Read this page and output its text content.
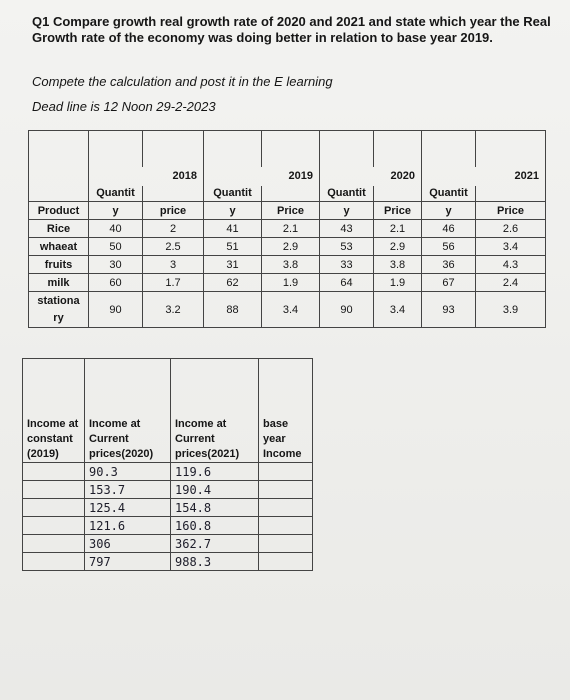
Q1 Compare growth real growth rate of 2020 and 2021 and state which year the Real Growth rate of the economy was doing better in relation to base year 2019.
Compete the calculation and post it in the E learning
Dead line is 12 Noon 29-2-2023

	2018		2019		2020		2021	

	Quantit		Quantit		Quantit		Quantit	
Product	y	price	y	Price	y	Price	y	Price
Rice	40	2	41	2.1	43	2.1	46	2.6
whaeat	50	2.5	51	2.9	53	2.9	56	3.4
fruits	30	3	31	3.8	33	3.8	36	4.3
milk	60	1.7	62	1.9	64	1.9	67	2.4

stationa
ry	90	3.2	88	3.4	90	3.4	93	3.9
Income at constant (2019)	Income at Current prices(2020)	Income at Current prices(2021)	base year Income
	90.3	119.6	
	153.7	190.4	
	125.4	154.8	
	121.6	160.8	
	306	362.7	
	797	988.3	
